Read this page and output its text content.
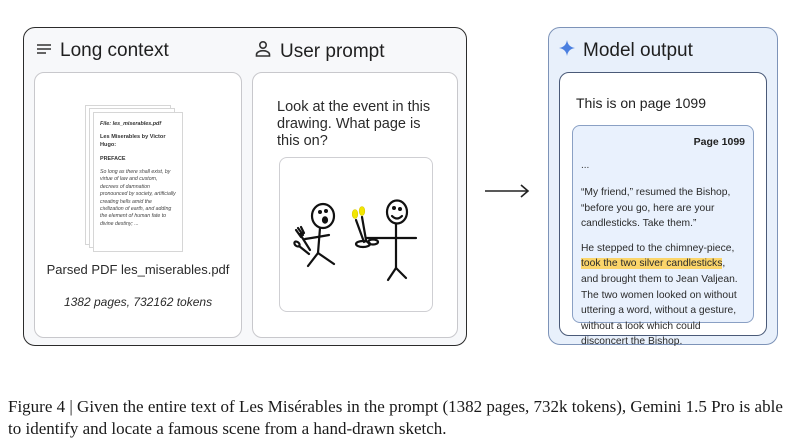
Long context	User prompt
File: les_miserables.pdf
Les Miserables by Victor Hugo:
PREFACE
So long as there shall exist, by virtue of law and custom, decrees of damnation pronounced by society, artificially creating hells amid the civilization of earth, and adding the element of human fate to divine destiny; ...
Parsed PDF les_miserables.pdf
1382 pages, 732162 tokens
Look at the event in this drawing. What page is this on?
Model output
This is on page 1099
Page 1099
...
“My friend,” resumed the Bishop, “before you go, here are your candlesticks. Take them.”
He stepped to the chimney-piece, took the two silver candlesticks, and brought them to Jean Valjean. The two women looked on without uttering a word, without a gesture, without a look which could disconcert the Bishop.
Figure 4 | Given the entire text of Les Misérables in the prompt (1382 pages, 732k tokens), Gemini 1.5 Pro is able to identify and locate a famous scene from a hand-drawn sketch.
